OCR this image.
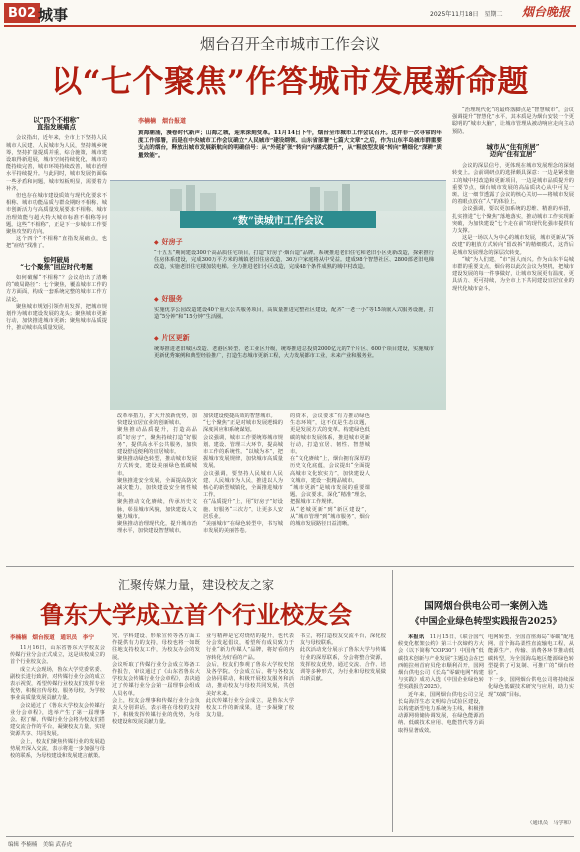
B02 城事	2025年11月18日　星期二 烟台晚报
烟台召开全市城市工作会议
以“七个聚焦”作答城市发展新命题
以“四个不相称”
直指发展痛点

会议指出，近年来，全市上下坚持人民城市人民建、人民城市为人民，坚持城乡统筹，坚持扩量提质并重，综合施策，城市建设取得新进展，城市空间持续优化，城市功能持续完善，城市环境持续改善，城市治理水平持续提升。与此同时，城市发展仍面临一些矛盾和问题，城市短板明显，需要着力补齐。

但也存在城市建设质效与现代化要求不相称、城市功能品质与群众期盼不相称、城市创新活力与高质量发展要求不相称、城市治理效能与超大特大城市标准不相称等问题。这些“不相称”，正是下一步城市工作要聚焦攻坚的方向。

这个四个“不相称”直指发展痛点，也把“症结”找准了。

如何破局
“七个聚焦”回应时代考题

如何破解“不相称”？会议给出了清晰的“破局路径”：七个聚焦，覆盖城市工作的方方面面，构成一套系统完整的城市工作方法论。

聚焦城市规划引领作用发挥，把城市规划作为城市建设发展的龙头；聚焦城市更新行动，加快推进城市更新；聚焦城市品质提升，推动城市高质量发展。

李楠楠　烟台报道
黄海潮涌，漫卷时代新声；山海之城，迎来深刻变革。11月14日下午，烟台全市城市工作会议召开。这并非一次寻常的年度工作部署，而是在中央城市工作会议确立“人民城市”建设纲领、山东省部署“七篇大文章”之后，作为山东半岛城市群重要支点的烟台，释放出城市发展新航向的明确信号：从“外延扩张”转向“内涵式提升”，从“粗放型发展”转向“精细化”深耕“质量效能”。
“数”读城市工作会议
◆ 好房子
“十五五”期间建设300个高品质住宅项目，打造“好房子·烟台造”品牌。系统推进老旧住宅和老旧小区更新改造，探索推行住房体系建设，完成300万平方米的城镇老旧住房改造，36万户家庭将从中受益。建成98个智慧社区、2800部老旧电梯改造，实施老旧住宅楼加装电梯。全力推进老旧小区改造，完成48个条件成熟的城中村改造。
◆ 好服务
实施优享公园改造建设40个重大公共服务项目，高质量推进完整社区建设，配齐“一老一小”等15项嵌入式服务设施，打造“5分钟”和“15分钟”生活圈。
◆ 片区更新
统筹推进老旧城区改造、老港区转型、老工业区升级，统筹推进总投资2000亿元的7个片区、600个项目建设，实施城市更新优秀案例和典型经验推广，打造生态城市更新工程，大力发展都市工业，未来产业和服务业。
改革举措力，扩大开放新优势，加快建设宜居宜业的创新城市。
聚焦推动品质提升，打造高品质“好房子”，聚焦持续打造“好服务”，提供高水平公共服务，加快建设舒适便利的宜居城市。
聚焦推动绿色转型，推动城市发展方式转变，建设美丽绿色低碳城市。
聚焦推进安全发展，全面提高防灾减灾能力，加快建设安全韧性城市。
聚焦推动文化赓续，传承历史文脉，彰显城市风貌，加快建设人文魅力城市。
聚焦推动治理现代化，提升城市治理水平，加快建设智慧城市。
加快建设便捷高效的智慧城市。
“七个聚焦”正是对城市发展逻辑的深度回应和系统谋划。
会议强调，城市工作要统筹城市规划、建设、管理三大环节，提高城市工作的系统性。“以城为本”，把握城市发展规律，加快城市高质量发展。
会议强调，要坚持人民城市人民建、人民城市为人民，推进以人为核心的新型城镇化，全面推进城市工作。
在“品质提升”上，用“好房子”好设施、好服务“三次方”，让更多人安居乐业。
“美丽城市”在绿色转型中，书写城市发展的美丽答卷。
的资本，会议要求“有力推动绿色生态环境”，这不仅是生态议题，更是发展方式的变革。构建绿色低碳的城市发展体系，推进城市更新行动，打造宜居、韧性、智慧城市。
在“文化赓续”上，烟台拥有深厚的历史文化底蕴，会议提出“全面提高城市文化软实力”，加快建设人文城市，建设一批精品城市。
“城市更新”是城市发展的重要课题。会议要求，深化“精准”理念，把握城市工作规律。
从“老城更新”到“新区建设”，从“城市管理”到“城市服务”，烟台的城市发展路径日益清晰。

“治理现代化”的最终落脚点是“智慧城市”，会议强调提升“智慧化”水平，其本质是为烟台安装一个更聪明的“城市大脑”，让城市管理从被动响应走向主动预防。

城市从“住有所居”
迈向“住有宜居”

会议的深层信号，更体现在城市发展理念的深刻转变上。会前调研点的选择颇具深意：一边是紧张施工的城中村改造和更新项目，一边是城市品质提升的重要节点，烟台城市发展的高品质决心从中可见一斑。这一细节透露了会议的核心关切——将城市发展的着眼点放在“人”的体验上。

会议强调，要以更加系统的思维、精准的举措，扎实推进“七个聚焦”落地落实，推动城市工作实现新突破，为加快建设“七个走在前”的现代化强市提供有力支撑。

这是一场以人为中心的城市发展，城市更新从“拆改建”的粗放方式转向“留改拆”的精细模式，这背后是城市发展理念的深层次转变。

“城”为人们建，“市”因人而兴。作为山东半岛城市群的重要支点，烟台将以此次会议为契机，把城市建设发展的每一件事做好，让城市发展更有温度、更具活力、更可持续，为全市上下共同建设宜居宜业的现代化城市奋斗。

汇聚传媒力量，建设校友之家
鲁东大学成立首个行业校友会
李楠楠　烟台报道　通讯员　李宁

11月16日，山东省鲁东大学校友会传媒行业分会正式成立，这是该校成立的首个行业校友会。

成立大会现场，鲁东大学党委常委、副校长进行致辞，对传媒行业分会的成立表示祝贺，希望传媒行业校友们发挥专业优势，积极宣传母校、服务母校，为学校事业高质量发展贡献力量。

会议通过了《鲁东大学校友会传媒行业分会章程》，选举产生了第一届理事会。据了解，传媒行业分会将为校友们搭建交流合作的平台，凝聚校友力量，实现资源共享、共同发展。

会上，校友们聚焦传媒行业的发展趋势展开深入交流，表示将进一步加强与母校的联系，为母校建设和发展建言献策。

究、学科建设、形象宣传等各方面工作提供有力的支持，母校也将一如既往地支持校友工作，为校友办会的发展。
会议听取了传媒行业分会成立筹备工作报告，审议通过了《山东省鲁东大学校友会传媒行业分会章程》，表决通过了传媒行业分会第一届理事会组成人员名单。
会上，校友会理事和传媒行业分会负责人分别讲话，表示将在母校的支持下，积极发挥传媒行业的优势，为母校建设和发展贡献力量。
业与精神是它对烧结的提升，也代表分会发起倡议，希望所有成员致力于行业“新力传媒人”品牌，将好看的内容转化为好看的产品。
会后，校友们参观了鲁东大学校史馆及各学院。分会成立后，将与各校友会协同联动，积极开展校友服务和活动，推动校友与母校共同发展，共创美好未来。
此次传媒行业分会成立，是鲁东大学校友工作的新成果，进一步凝聚了校友力量。
书立，将打造校友交流平台，深化校友与母校联系。
此次活动充分展示了鲁东大学与传媒行业的深厚联系，分会将整合资源，发挥校友优势，通过交流、合作、培训等多种形式，为行业和母校发展做出新贡献。
国网烟台供电公司一案例入选
《中国企业绿色转型实践报告2025》

本报讯　 11月15日，《联合国气候变化框架公约》第三十次缔约方大会（以下简称“COP30”）中国角“低碳技术创新与产业发展”主题边会在巴西帕拉州首府贝伦市顺利召开，国网烟台供电公司《长岛“零碳电网”构建与实践》成功入选《中国企业绿色转型实践报告2025》。

近年来，国网烟台供电公司立足长岛海洋生态文明综合试验区建设，以构建新型电力系统为主线，积极推动源网荷储协调发展，在绿色能源消纳、低碳技术应用、电能替代等方面取得显著成效。

电网转型、全国首座海岛“零碳”配电网、首个海岛柔性直流输电工程，从能源生产、传输、消费各环节推动低碳转型，为全国海岛地区能源绿色转型提供了可复制、可推广的“烟台经验”。
下一步，国网烟台供电公司将持续深化绿色低碳技术研究与应用，助力实现“双碳”目标。
（通讯员　马学和）
编辑 李楠楠　美编 武春虎
